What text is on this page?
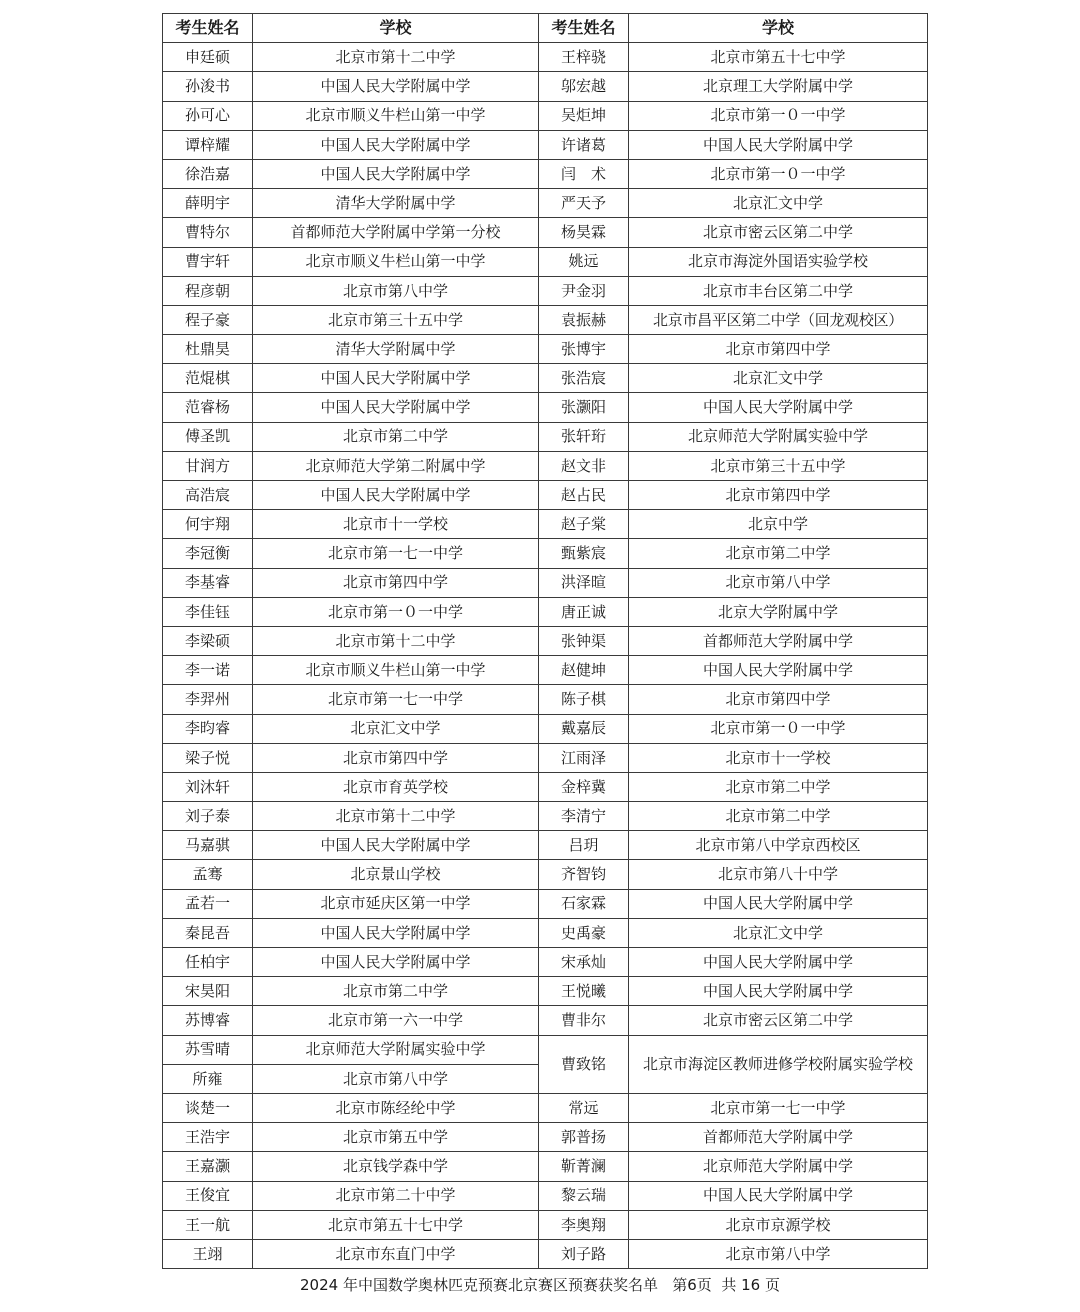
考生姓名	学校	考生姓名	学校
申廷硕	北京市第十二中学	王梓骁	北京市第五十七中学
孙浚书	中国人民大学附属中学	邬宏越	北京理工大学附属中学
孙可心	北京市顺义牛栏山第一中学	吴炬坤	北京市第一０一中学
谭梓耀	中国人民大学附属中学	许诸葛	中国人民大学附属中学
徐浩嘉	中国人民大学附属中学	闫　术	北京市第一０一中学
薛明宇	清华大学附属中学	严天予	北京汇文中学
曹特尔	首都师范大学附属中学第一分校	杨昊霖	北京市密云区第二中学
曹宇轩	北京市顺义牛栏山第一中学	姚远	北京市海淀外国语实验学校
程彦朝	北京市第八中学	尹金羽	北京市丰台区第二中学
程子豪	北京市第三十五中学	袁振赫	北京市昌平区第二中学（回龙观校区）
杜鼎昊	清华大学附属中学	张博宇	北京市第四中学
范焜棋	中国人民大学附属中学	张浩宸	北京汇文中学
范睿杨	中国人民大学附属中学	张灏阳	中国人民大学附属中学
傅圣凯	北京市第二中学	张轩珩	北京师范大学附属实验中学
甘润方	北京师范大学第二附属中学	赵文非	北京市第三十五中学
高浩宸	中国人民大学附属中学	赵占民	北京市第四中学
何宇翔	北京市十一学校	赵子棠	北京中学
李冠衡	北京市第一七一中学	甄紫宸	北京市第二中学
李基睿	北京市第四中学	洪泽暄	北京市第八中学
李佳钰	北京市第一０一中学	唐正诚	北京大学附属中学
李梁硕	北京市第十二中学	张钟渠	首都师范大学附属中学
李一诺	北京市顺义牛栏山第一中学	赵健坤	中国人民大学附属中学
李羿州	北京市第一七一中学	陈子棋	北京市第四中学
李昀睿	北京汇文中学	戴嘉辰	北京市第一０一中学
梁子悦	北京市第四中学	江雨泽	北京市十一学校
刘沐轩	北京市育英学校	金梓冀	北京市第二中学
刘子泰	北京市第十二中学	李清宁	北京市第二中学
马嘉骐	中国人民大学附属中学	吕玥	北京市第八中学京西校区
孟骞	北京景山学校	齐智钧	北京市第八十中学
孟若一	北京市延庆区第一中学	石家霖	中国人民大学附属中学
秦昆吾	中国人民大学附属中学	史禹豪	北京汇文中学
任柏宇	中国人民大学附属中学	宋承灿	中国人民大学附属中学
宋昊阳	北京市第二中学	王悦曦	中国人民大学附属中学
苏博睿	北京市第一六一中学	曹非尔	北京市密云区第二中学
苏雪晴	北京师范大学附属实验中学	曹致铭	北京市海淀区教师进修学校附属实验学校
所雍	北京市第八中学		
谈楚一	北京市陈经纶中学	常远	北京市第一七一中学
王浩宇	北京市第五中学	郭普扬	首都师范大学附属中学
王嘉灏	北京钱学森中学	靳菁澜	北京师范大学附属中学
王俊宜	北京市第二十中学	黎云瑞	中国人民大学附属中学
王一航	北京市第五十七中学	李奥翔	北京市京源学校
王翊	北京市东直门中学	刘子路	北京市第八中学
2024 年中国数学奥林匹克预赛北京赛区预赛获奖名单 第6页 共 16 页
